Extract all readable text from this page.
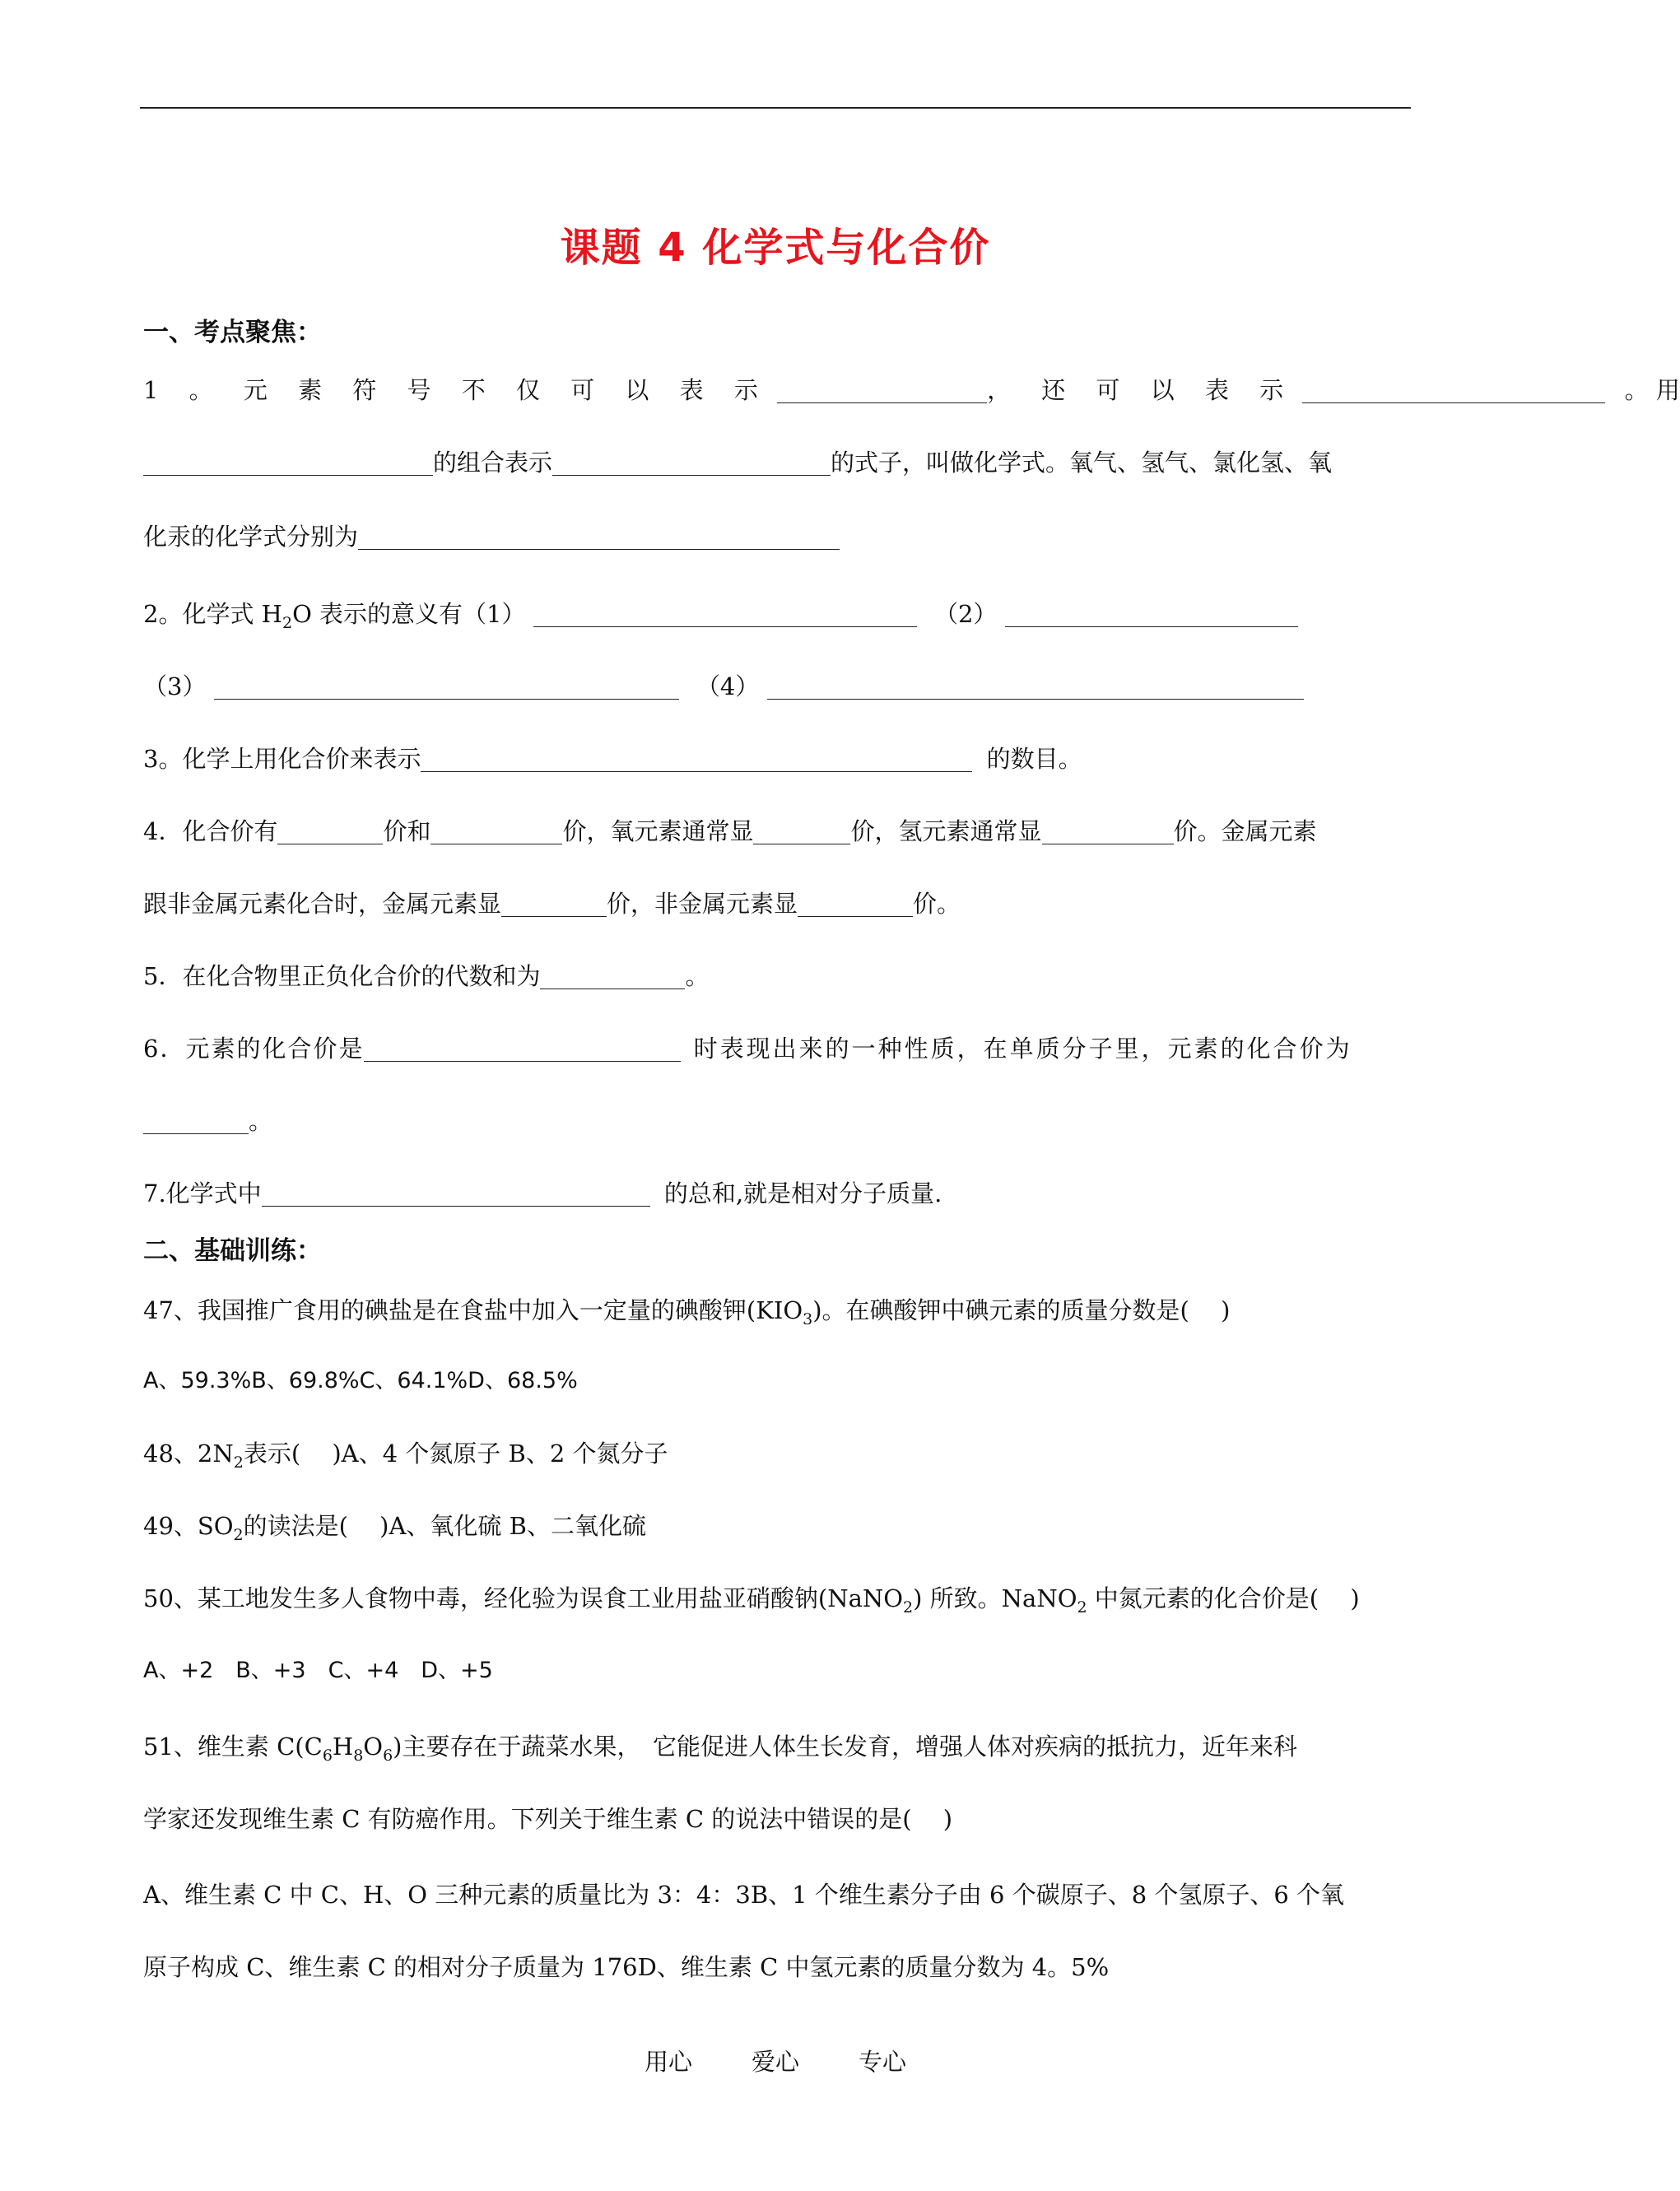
课题 4 化学式与化合价
一、考点聚焦：
1 。 元 素 符 号 不 仅 可 以 表 示	， 还 可 以 表 示	。 用
的组合表示	的式子，叫做化学式。氧气、氢气、氯化氢、氧
化汞的化学式分别为
2。化学式 $H_2O$ 表示的意义有（1）	（2）
（3）	（4）
3。化学上用化合价来表示	的数目。
4．化合价有	价和	价，氧元素通常显	价，氢元素通常显	价。金属元素
跟非金属元素化合时，金属元素显	价，非金属元素显	价。
5．在化合物里正负化合价的代数和为	。
6．元素的化合价是	时表现出来的一种性质，在单质分子里，元素的化合价为
。
7.化学式中	的总和,就是相对分子质量.
二、基础训练：
47、我国推广食用的碘盐是在食盐中加入一定量的碘酸钾$(KIO_3)$。在碘酸钾中碘元素的质量分数是(　 )
A、59.3%B、69.8%C、64.1%D、68.5%
48、$2N_2$表示(　 )A、4 个氮原子 B、2 个氮分子
49、$SO_2$的读法是(　 )A、氧化硫 B、二氧化硫
50、某工地发生多人食物中毒，经化验为误食工业用盐亚硝酸钠(NaNO$_2$) 所致。NaNO$_2$ 中氮元素的化合价是(　 )
A、+2　B、+3　C、+4　D、+5
51、维生素 $C(C_6H_8O_6)$主要存在于蔬菜水果，　它能促进人体生长发育，增强人体对疾病的抵抗力，近年来科
学家还发现维生素 C 有防癌作用。下列关于维生素 C 的说法中错误的是(　 )
A、维生素 C 中 C、H、O 三种元素的质量比为 3：4：3B、1 个维生素分子由 6 个碳原子、8 个氢原子、6 个氧
原子构成 C、维生素 C 的相对分子质量为 176D、维生素 C 中氢元素的质量分数为 4。5%
用心 爱心 专心
